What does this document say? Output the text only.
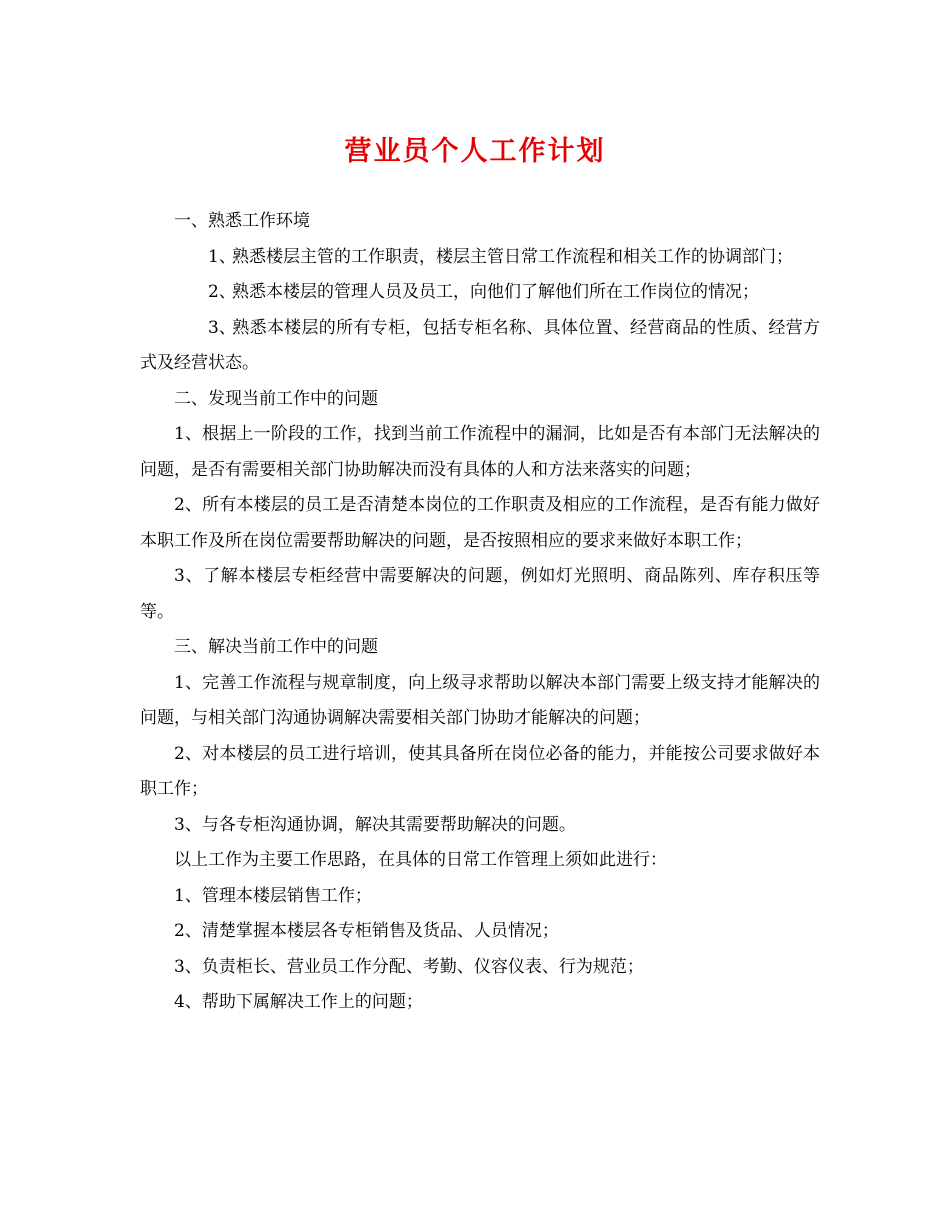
营业员个人工作计划

一、熟悉工作环境

1、熟悉楼层主管的工作职责，楼层主管日常工作流程和相关工作的协调部门；

2、熟悉本楼层的管理人员及员工，向他们了解他们所在工作岗位的情况；

3、熟悉本楼层的所有专柜，包括专柜名称、具体位置、经营商品的性质、经营方式及经营状态。

二、发现当前工作中的问题

1、根据上一阶段的工作，找到当前工作流程中的漏洞，比如是否有本部门无法解决的问题，是否有需要相关部门协助解决而没有具体的人和方法来落实的问题；

2、所有本楼层的员工是否清楚本岗位的工作职责及相应的工作流程，是否有能力做好本职工作及所在岗位需要帮助解决的问题，是否按照相应的要求来做好本职工作；

3、了解本楼层专柜经营中需要解决的问题，例如灯光照明、商品陈列、库存积压等等。

三、解决当前工作中的问题

1、完善工作流程与规章制度，向上级寻求帮助以解决本部门需要上级支持才能解决的问题，与相关部门沟通协调解决需要相关部门协助才能解决的问题；

2、对本楼层的员工进行培训，使其具备所在岗位必备的能力，并能按公司要求做好本职工作；

3、与各专柜沟通协调，解决其需要帮助解决的问题。

以上工作为主要工作思路，在具体的日常工作管理上须如此进行：

1、管理本楼层销售工作；

2、清楚掌握本楼层各专柜销售及货品、人员情况；

3、负责柜长、营业员工作分配、考勤、仪容仪表、行为规范；

4、帮助下属解决工作上的问题；
